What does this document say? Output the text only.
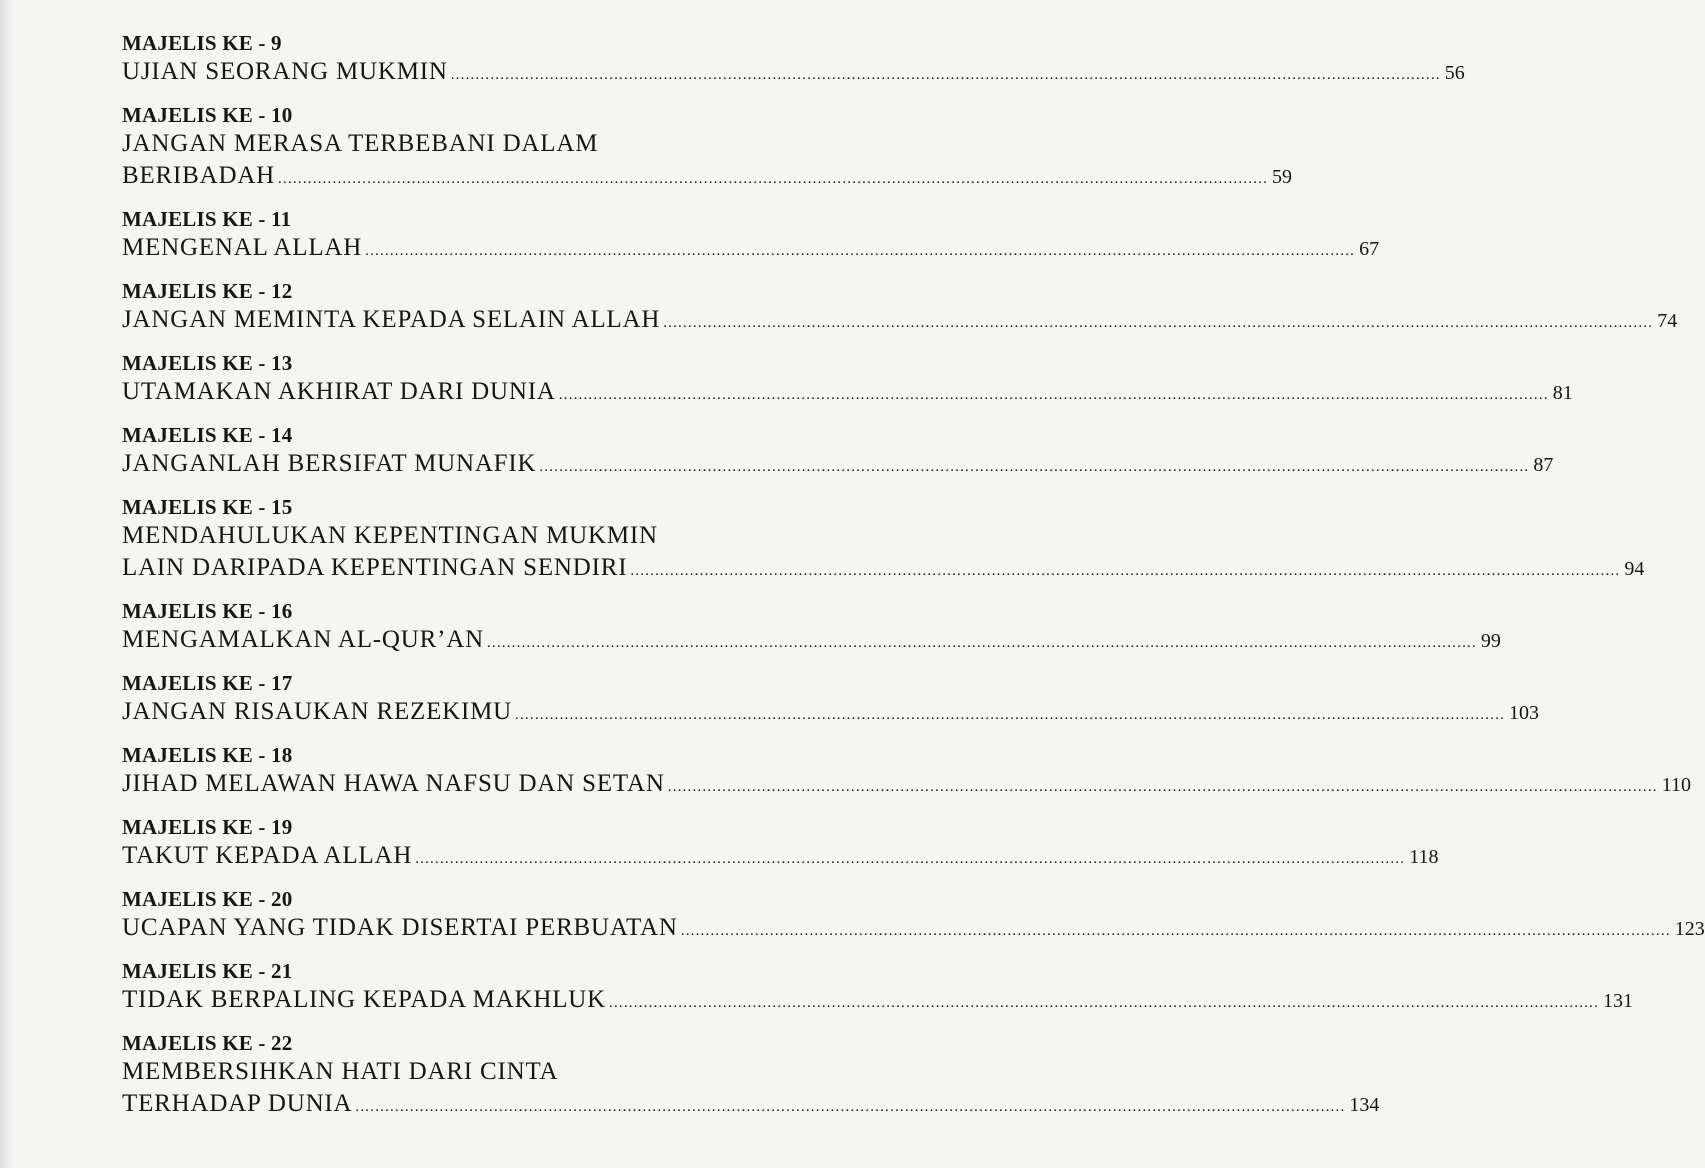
MAJELIS KE - 9
UJIAN SEORANG MUKMIN ........................................................................................................................................................................................................ 56
MAJELIS KE - 10
JANGAN MERASA TERBEBANI DALAM
BERIBADAH ........................................................................................................................................................................................................ 59
MAJELIS KE - 11
MENGENAL ALLAH ........................................................................................................................................................................................................ 67
MAJELIS KE - 12
JANGAN MEMINTA KEPADA SELAIN ALLAH ........................................................................................................................................................................................................ 74
MAJELIS KE - 13
UTAMAKAN AKHIRAT DARI DUNIA ........................................................................................................................................................................................................ 81
MAJELIS KE - 14
JANGANLAH BERSIFAT MUNAFIK ........................................................................................................................................................................................................ 87
MAJELIS KE - 15
MENDAHULUKAN KEPENTINGAN MUKMIN
LAIN DARIPADA KEPENTINGAN SENDIRI ........................................................................................................................................................................................................ 94
MAJELIS KE - 16
MENGAMALKAN AL-QUR’AN ........................................................................................................................................................................................................ 99
MAJELIS KE - 17
JANGAN RISAUKAN REZEKIMU ........................................................................................................................................................................................................ 103
MAJELIS KE - 18
JIHAD MELAWAN HAWA NAFSU DAN SETAN ........................................................................................................................................................................................................ 110
MAJELIS KE - 19
TAKUT KEPADA ALLAH ........................................................................................................................................................................................................ 118
MAJELIS KE - 20
UCAPAN YANG TIDAK DISERTAI PERBUATAN ........................................................................................................................................................................................................ 123
MAJELIS KE - 21
TIDAK BERPALING KEPADA MAKHLUK ........................................................................................................................................................................................................ 131
MAJELIS KE - 22
MEMBERSIHKAN HATI DARI CINTA
TERHADAP DUNIA ........................................................................................................................................................................................................ 134
